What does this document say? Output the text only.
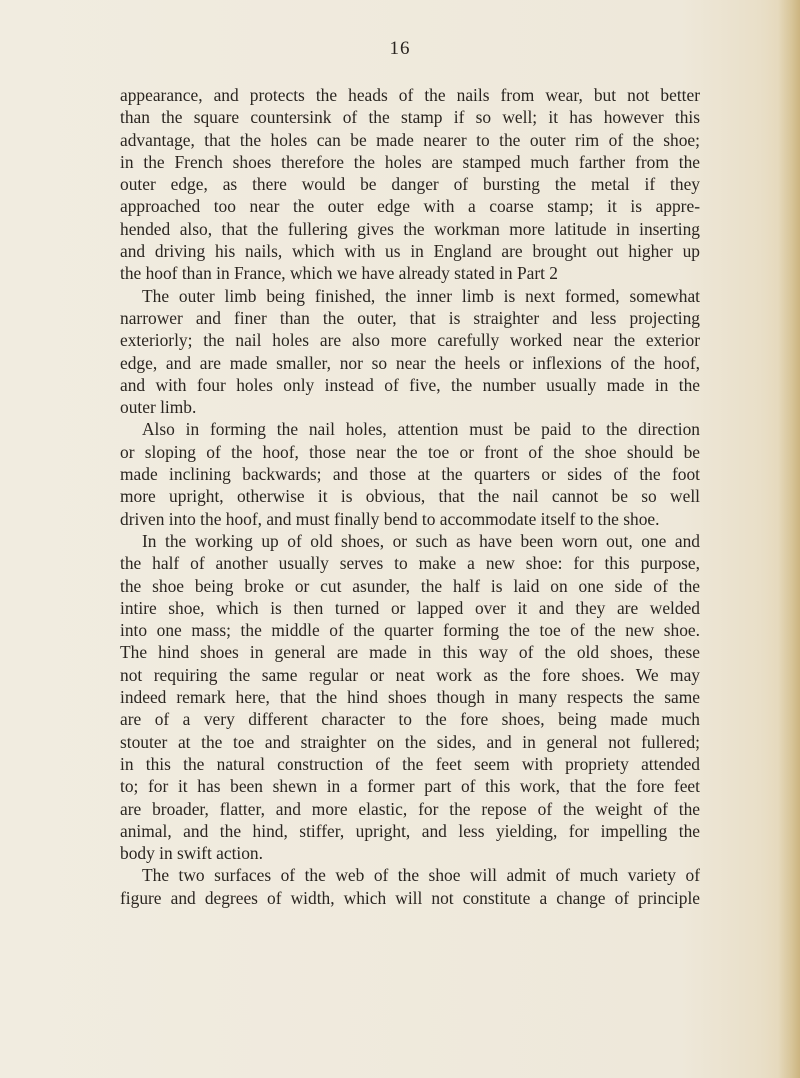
16
appearance, and protects the heads of the nails from wear, but not better
than the square countersink of the stamp if so well; it has however this
advantage, that the holes can be made nearer to the outer rim of the shoe;
in the French shoes therefore the holes are stamped much farther from the
outer edge, as there would be danger of bursting the metal if they
approached too near the outer edge with a coarse stamp; it is appre-
hended also, that the fullering gives the workman more latitude in inserting
and driving his nails, which with us in England are brought out higher up
the hoof than in France, which we have already stated in Part 2
The outer limb being finished, the inner limb is next formed, somewhat
narrower and finer than the outer, that is straighter and less projecting
exteriorly; the nail holes are also more carefully worked near the exterior
edge, and are made smaller, nor so near the heels or inflexions of the hoof,
and with four holes only instead of five, the number usually made in the
outer limb.
Also in forming the nail holes, attention must be paid to the direction
or sloping of the hoof, those near the toe or front of the shoe should be
made inclining backwards; and those at the quarters or sides of the foot
more upright, otherwise it is obvious, that the nail cannot be so well
driven into the hoof, and must finally bend to accommodate itself to the shoe.
In the working up of old shoes, or such as have been worn out, one and
the half of another usually serves to make a new shoe: for this purpose,
the shoe being broke or cut asunder, the half is laid on one side of the
intire shoe, which is then turned or lapped over it and they are welded
into one mass; the middle of the quarter forming the toe of the new shoe.
The hind shoes in general are made in this way of the old shoes, these
not requiring the same regular or neat work as the fore shoes. We may
indeed remark here, that the hind shoes though in many respects the same
are of a very different character to the fore shoes, being made much
stouter at the toe and straighter on the sides, and in general not fullered;
in this the natural construction of the feet seem with propriety attended
to; for it has been shewn in a former part of this work, that the fore feet
are broader, flatter, and more elastic, for the repose of the weight of the
animal, and the hind, stiffer, upright, and less yielding, for impelling the
body in swift action.
The two surfaces of the web of the shoe will admit of much variety of
figure and degrees of width, which will not constitute a change of principle
